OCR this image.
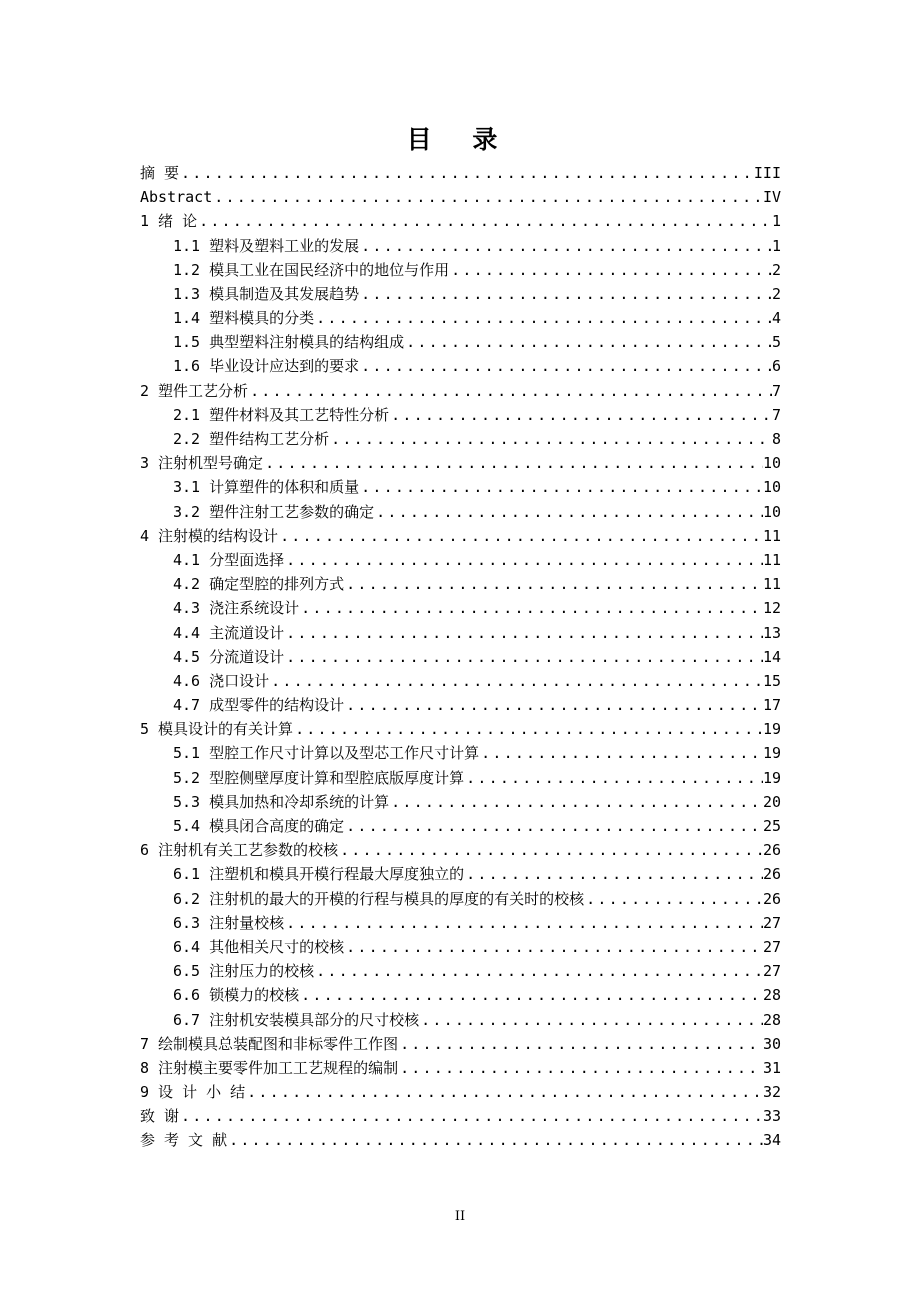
目 录
摘 要 .....	III
Abstract .....	IV
1 绪 论 .....	1
1.1 塑料及塑料工业的发展 .....	1
1.2 模具工业在国民经济中的地位与作用 .....	2
1.3 模具制造及其发展趋势 .....	2
1.4 塑料模具的分类 .....	4
1.5 典型塑料注射模具的结构组成 .....	5
1.6 毕业设计应达到的要求 .....	6
2 塑件工艺分析 .....	7
2.1 塑件材料及其工艺特性分析 .....	7
2.2 塑件结构工艺分析 .....	8
3 注射机型号确定 .....	10
3.1 计算塑件的体积和质量 .....	10
3.2 塑件注射工艺参数的确定 .....	10
4 注射模的结构设计 .....	11
4.1 分型面选择 .....	11
4.2 确定型腔的排列方式 .....	11
4.3 浇注系统设计 .....	12
4.4 主流道设计 .....	13
4.5 分流道设计 .....	14
4.6 浇口设计 .....	15
4.7 成型零件的结构设计 .....	17
5 模具设计的有关计算 .....	19
5.1 型腔工作尺寸计算以及型芯工作尺寸计算 .....	19
5.2 型腔侧壁厚度计算和型腔底版厚度计算 .....	19
5.3 模具加热和冷却系统的计算 .....	20
5.4 模具闭合高度的确定 .....	25
6 注射机有关工艺参数的校核 .....	26
6.1 注塑机和模具开模行程最大厚度独立的 .....	26
6.2 注射机的最大的开模的行程与模具的厚度的有关时的校核 .....	26
6.3 注射量校核 .....	27
6.4 其他相关尺寸的校核 .....	27
6.5 注射压力的校核 .....	27
6.6 锁模力的校核 .....	28
6.7 注射机安装模具部分的尺寸校核 .....	28
7 绘制模具总装配图和非标零件工作图 .....	30
8 注射模主要零件加工工艺规程的编制 .....	31
9 设 计 小 结 .....	32
致 谢 .....	33
参 考 文 献 .....	34
II
